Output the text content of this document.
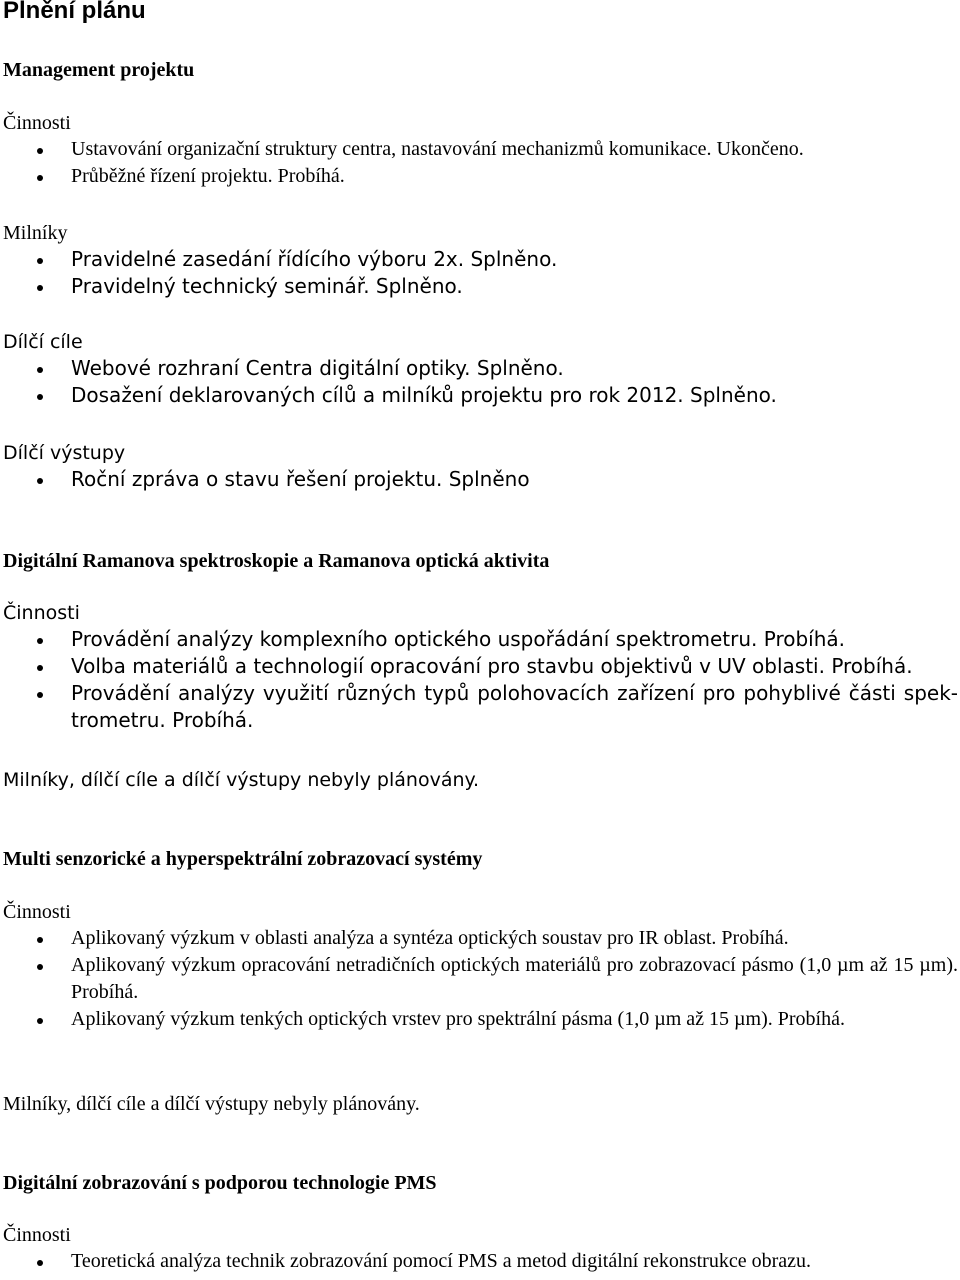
Plnění plánu
Management projektu
Činnosti
Ustavování organizační struktury centra, nastavování mechanizmů komunikace. Ukončeno.
Průběžné řízení projektu. Probíhá.
Milníky
Pravidelné zasedání řídícího výboru 2x. Splněno.
Pravidelný technický seminář. Splněno.
Dílčí cíle
Webové rozhraní Centra digitální optiky. Splněno.
Dosažení deklarovaných cílů a milníků projektu pro rok 2012. Splněno.
Dílčí výstupy
Roční zpráva o stavu řešení projektu. Splněno
Digitální Ramanova spektroskopie a Ramanova optická aktivita
Činnosti
Provádění analýzy komplexního optického uspořádání spektrometru. Probíhá.
Volba materiálů a technologií opracování pro stavbu objektivů v UV oblasti. Probíhá.
Provádění analýzy využití různých typů polohovacích zařízení pro pohyblivé části spektrometru. Probíhá.
Milníky, dílčí cíle a dílčí výstupy nebyly plánovány.
Multi senzorické a hyperspektrální zobrazovací systémy
Činnosti
Aplikovaný výzkum v oblasti analýza a syntéza optických soustav pro IR oblast. Probíhá.
Aplikovaný výzkum opracování netradičních optických materiálů pro zobrazovací pásmo (1,0 µm až 15 µm). Probíhá.
Aplikovaný výzkum tenkých optických vrstev pro spektrální pásma (1,0 µm až 15 µm). Probíhá.
Milníky, dílčí cíle a dílčí výstupy nebyly plánovány.
Digitální zobrazování s podporou technologie PMS
Činnosti
Teoretická analýza technik zobrazování pomocí PMS a metod digitální rekonstrukce obrazu.
